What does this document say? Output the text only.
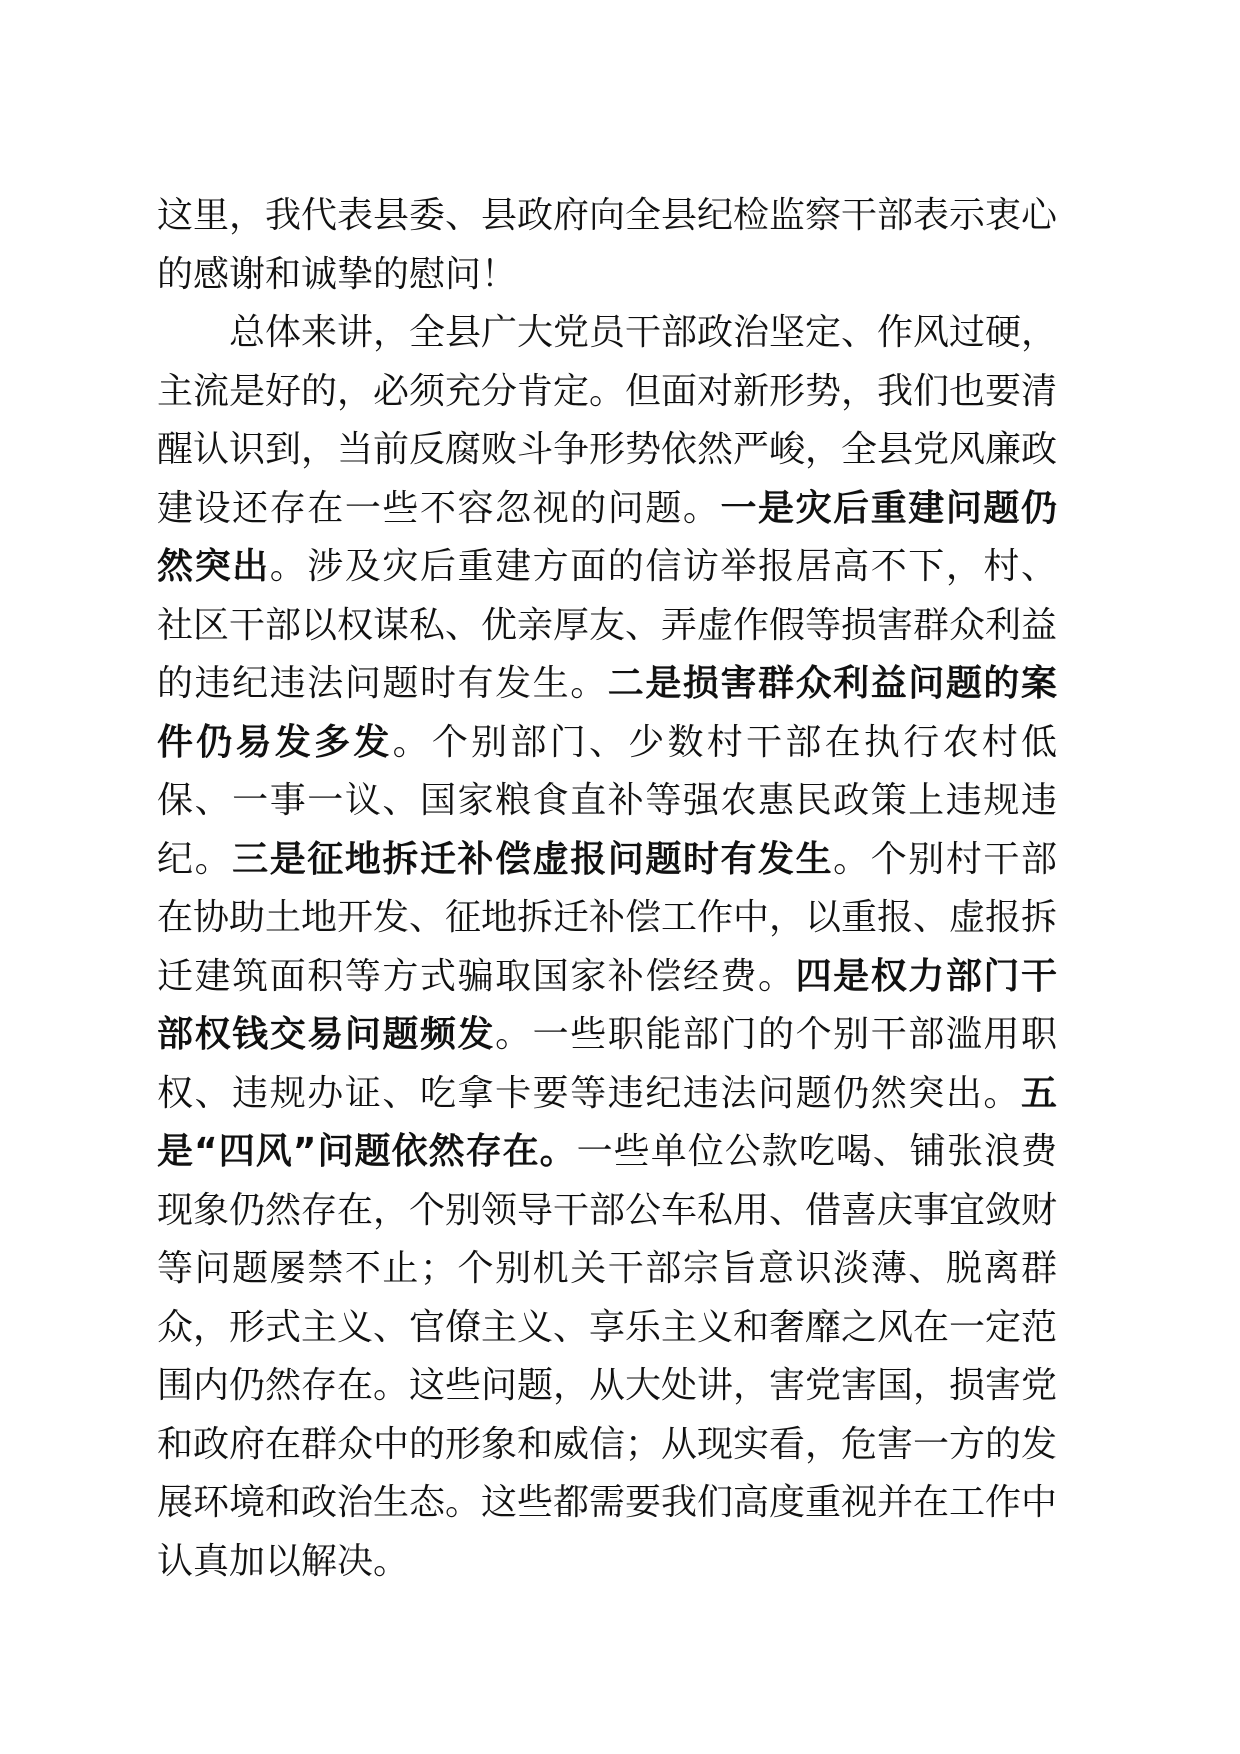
这里，我代表县委、县政府向全县纪检监察干部表示衷心的感谢和诚挚的慰问！

总体来讲，全县广大党员干部政治坚定、作风过硬，主流是好的，必须充分肯定。但面对新形势，我们也要清醒认识到，当前反腐败斗争形势依然严峻，全县党风廉政建设还存在一些不容忽视的问题。一是灾后重建问题仍然突出。涉及灾后重建方面的信访举报居高不下，村、社区干部以权谋私、优亲厚友、弄虚作假等损害群众利益的违纪违法问题时有发生。二是损害群众利益问题的案件仍易发多发。个别部门、少数村干部在执行农村低保、一事一议、国家粮食直补等强农惠民政策上违规违纪。三是征地拆迁补偿虚报问题时有发生。个别村干部在协助土地开发、征地拆迁补偿工作中，以重报、虚报拆迁建筑面积等方式骗取国家补偿经费。四是权力部门干部权钱交易问题频发。一些职能部门的个别干部滥用职权、违规办证、吃拿卡要等违纪违法问题仍然突出。五是“四风”问题依然存在。一些单位公款吃喝、铺张浪费现象仍然存在，个别领导干部公车私用、借喜庆事宜敛财等问题屡禁不止；个别机关干部宗旨意识淡薄、脱离群众，形式主义、官僚主义、享乐主义和奢靡之风在一定范围内仍然存在。这些问题，从大处讲，害党害国，损害党和政府在群众中的形象和威信；从现实看，危害一方的发展环境和政治生态。这些都需要我们高度重视并在工作中认真加以解决。
